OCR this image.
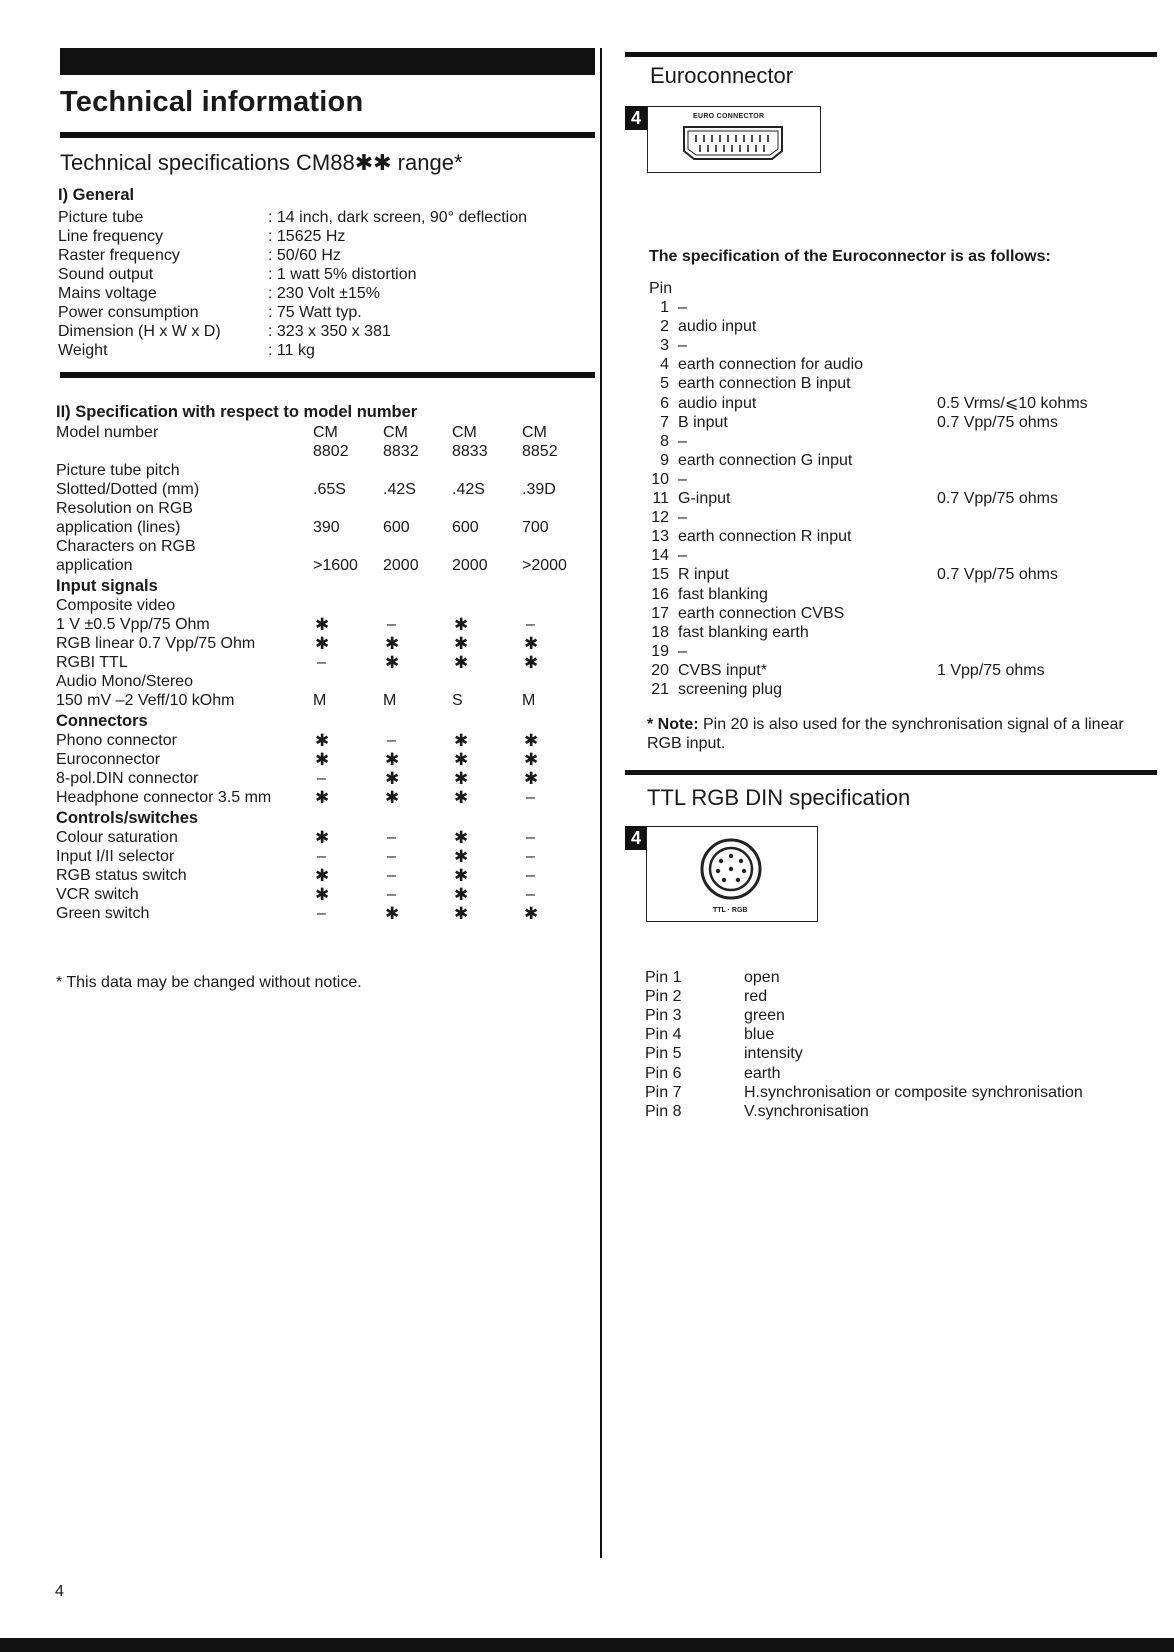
Technical information
Technical specifications CM88✱✱ range*
I) General
Picture tube	: 14 inch, dark screen, 90° deflection
Line frequency	: 15625 Hz
Raster frequency	: 50/60 Hz
Sound output	: 1 watt 5% distortion
Mains voltage	: 230 Volt ±15%
Power consumption	: 75 Watt typ.
Dimension (H x W x D)	: 323 x 350 x 381
Weight	: 11 kg
II) Specification with respect to model number
Model number	CM	CM	CM	CM
8802 8832 8833 8852
Picture tube pitch
Slotted/Dotted (mm)	.65S .42S .42S .39D
Resolution on RGB
application (lines)	390	600	600	700
Characters on RGB
application	>1600 2000 2000 >2000
Input signals
Composite video
1 V ±0.5 Vpp/75 Ohm	✱	–	✱	–
RGB linear 0.7 Vpp/75 Ohm	✱	✱	✱	✱
RGBI TTL	–	✱	✱	✱
Audio Mono/Stereo
150 mV –2 Veff/10 kOhm	M	M	S	M
Connectors
Phono connector	✱	–	✱	✱
Euroconnector	✱	✱	✱	✱
8-pol.DIN connector	–	✱	✱	✱
Headphone connector 3.5 mm	✱	✱	✱	–
Controls/switches
Colour saturation	✱	–	✱	–
Input I/II selector	–	–	✱	–
RGB status switch	✱	–	✱	–
VCR switch	✱	–	✱	–
Green switch	–	✱	✱	✱
* This data may be changed without notice.
4
Euroconnector
4	EURO CONNECTOR
The specification of the Euroconnector is as follows:
Pin
1 –
2 audio input
3 –
4 earth connection for audio
5 earth connection B input
6 audio input	0.5 Vrms/⩽10 kohms
7 B input	0.7 Vpp/75 ohms
8 –
9 earth connection G input
10 –
11 G-input	0.7 Vpp/75 ohms
12 –
13 earth connection R input
14 –
15 R input	0.7 Vpp/75 ohms
16 fast blanking
17 earth connection CVBS
18 fast blanking earth
19 –
20 CVBS input*	1 Vpp/75 ohms
21 screening plug
* Note: Pin 20 is also used for the synchronisation signal of a linear RGB input.
TTL RGB DIN specification
4
TTL · RGB
Pin 1	open
Pin 2	red
Pin 3	green
Pin 4	blue
Pin 5	intensity
Pin 6	earth
Pin 7	H.synchronisation or composite synchronisation
Pin 8	V.synchronisation
